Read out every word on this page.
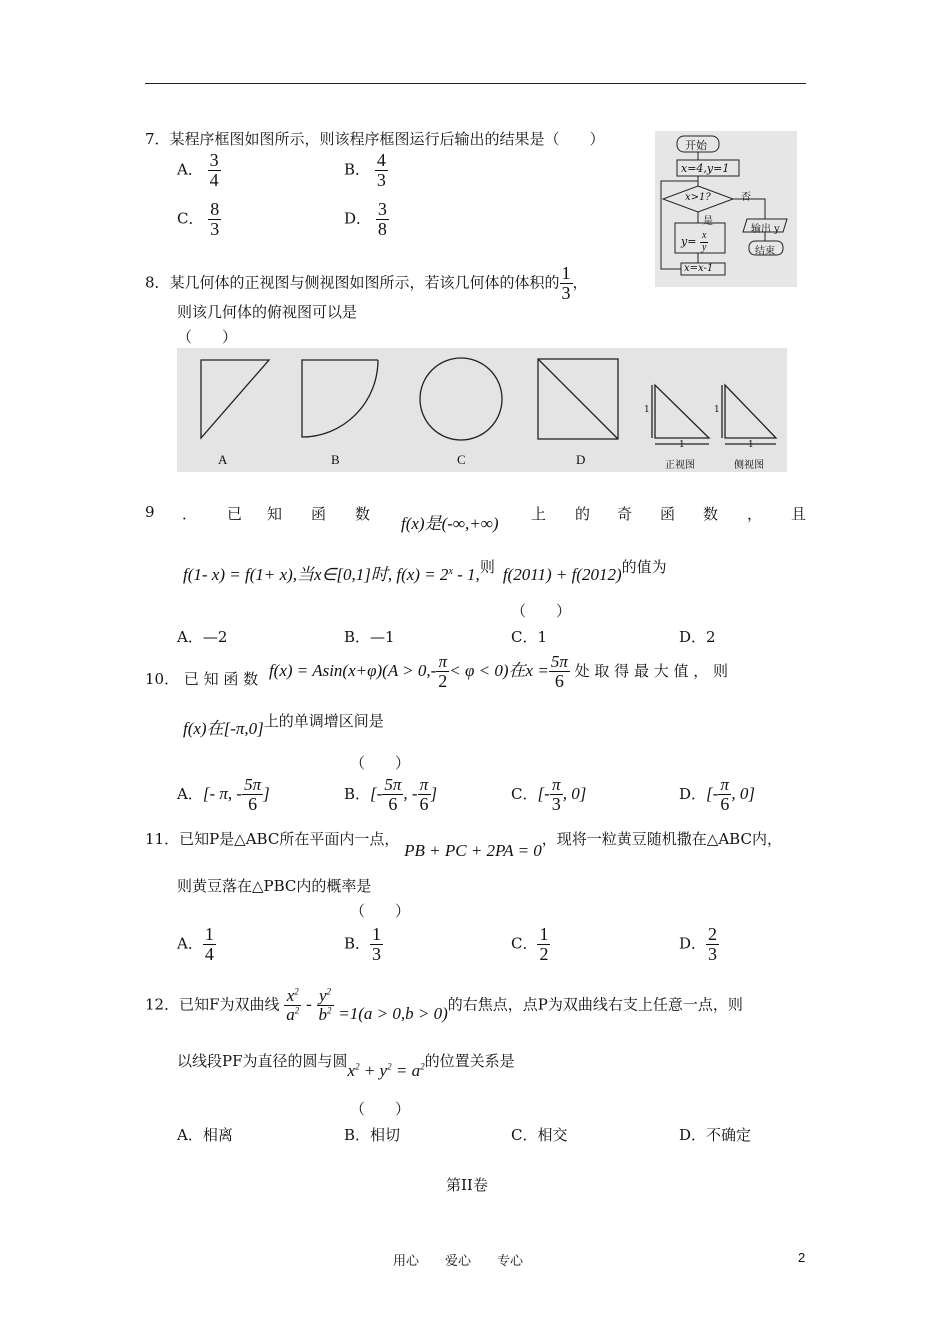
7．某程序框图如图所示，则该程序框图运行后输出的结果是（　　）
A． $\frac{3}{4}$	B． $\frac{4}{3}$
C． $\frac{8}{3}$	D． $\frac{3}{8}$
开始
x=4,y=1
x>1?
是
否
$y= \frac{x}{y}$
x=x-1
输出 y
结束
8．某几何体的正视图与侧视图如图所示，若该几何体的体积的 $\frac{1}{3}$ ，
则该几何体的俯视图可以是
（　　）
A	B	C	D
1
1
1
1
正视图	侧视图
9 ． 已 知 函 数 f(x)是(-∞,+∞) 上 的 奇 函 数 ， 且
f(1- x) = f(1+ x),当x∈[0,1]时, $f(x) = 2^x - 1$,则 f(2011) + f(2012)的值为
（　　）
A．—2	B．—1	C．1	D．2
10． 已 知 函 数 $f(x) = Asin(x+\varphi)(A > 0,- \frac{\pi}{2} < \varphi < 0)$在$x = \frac{5\pi}{6}$ 处 取 得 最 大 值 ， 则
f(x)在[-π,0]上的单调增区间是
（　　）
A．[- π, - $\frac{5\pi}{6}$ ]	B．[- $\frac{5\pi}{6}$ , - $\frac{\pi}{6}$ ]	C．[- $\frac{\pi}{3}$ , 0]	D．[- $\frac{\pi}{6}$ , 0]
11．已知P是△ABC所在平面内一点， PB + PC + 2PA = 0，现将一粒黄豆随机撒在△ABC内，
则黄豆落在△PBC内的概率是
（　　）
A． $\frac{1}{4}$	B． $\frac{1}{3}$	C． $\frac{1}{2}$	D． $\frac{2}{3}$
12．已知F为双曲线 $\frac{x^2}{a^2} - \frac{y^2}{b^2} =1(a > 0,b > 0)$的右焦点，点P为双曲线右支上任意一点，则
以线段PF为直径的圆与圆$x^2 + y^2 = a^2$的位置关系是
（　　）
A．相离	B．相切	C．相交	D．不确定
第II卷
用心　　爱心　　专心	2
